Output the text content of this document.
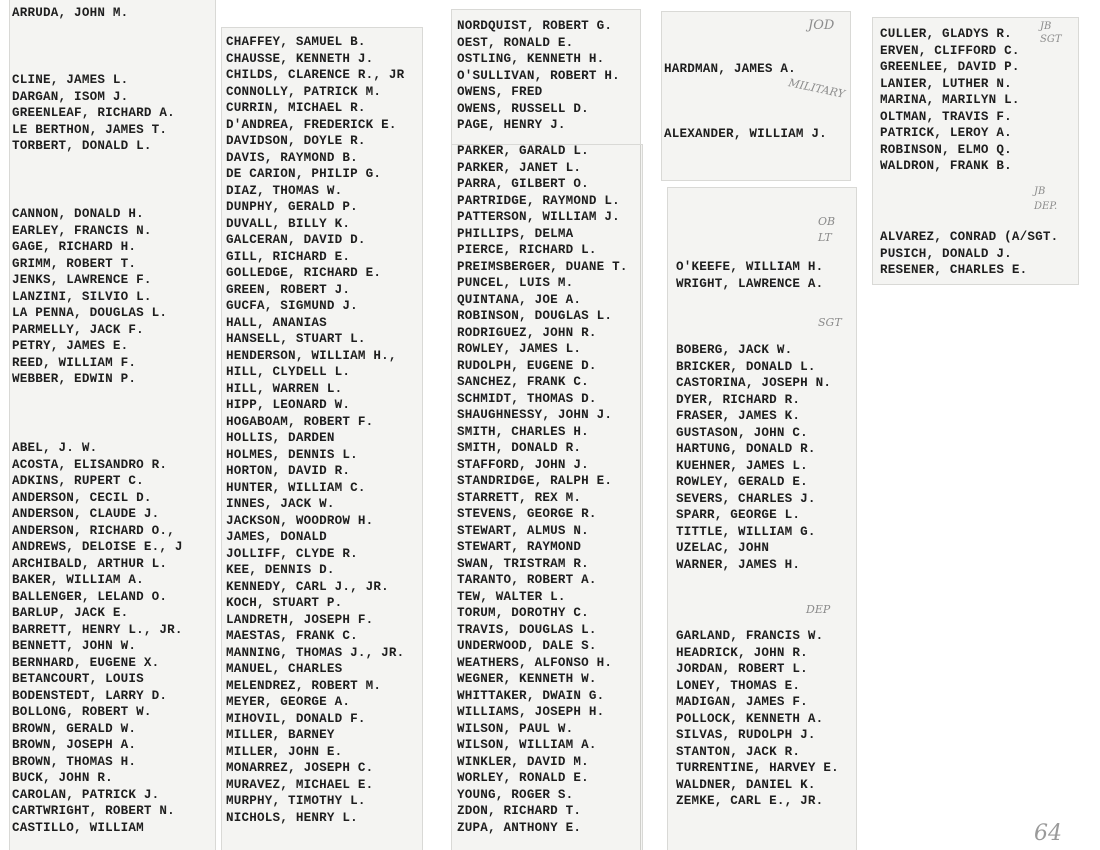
ARRUDA, JOHN M.
CLINE, JAMES L.
DARGAN, ISOM J.
GREENLEAF, RICHARD A.
LE BERTHON, JAMES T.
TORBERT, DONALD L.
CANNON, DONALD H.
EARLEY, FRANCIS N.
GAGE, RICHARD H.
GRIMM, ROBERT T.
JENKS, LAWRENCE F.
LANZINI, SILVIO L.
LA PENNA, DOUGLAS L.
PARMELLY, JACK F.
PETRY, JAMES E.
REED, WILLIAM F.
WEBBER, EDWIN P.
ABEL, J. W.
ACOSTA, ELISANDRO R.
ADKINS, RUPERT C.
ANDERSON, CECIL D.
ANDERSON, CLAUDE J.
ANDERSON, RICHARD O.,
ANDREWS, DELOISE E., J
ARCHIBALD, ARTHUR L.
BAKER, WILLIAM A.
BALLENGER, LELAND O.
BARLUP, JACK E.
BARRETT, HENRY L., JR.
BENNETT, JOHN W.
BERNHARD, EUGENE X.
BETANCOURT, LOUIS
BODENSTEDT, LARRY D.
BOLLONG, ROBERT W.
BROWN, GERALD W.
BROWN, JOSEPH A.
BROWN, THOMAS H.
BUCK, JOHN R.
CAROLAN, PATRICK J.
CARTWRIGHT, ROBERT N.
CASTILLO, WILLIAM
CHAFFEY, SAMUEL B.
CHAUSSE, KENNETH J.
CHILDS, CLARENCE R., JR
CONNOLLY, PATRICK M.
CURRIN, MICHAEL R.
D'ANDREA, FREDERICK E.
DAVIDSON, DOYLE R.
DAVIS, RAYMOND B.
DE CARION, PHILIP G.
DIAZ, THOMAS W.
DUNPHY, GERALD P.
DUVALL, BILLY K.
GALCERAN, DAVID D.
GILL, RICHARD E.
GOLLEDGE, RICHARD E.
GREEN, ROBERT J.
GUCFA, SIGMUND J.
HALL, ANANIAS
HANSELL, STUART L.
HENDERSON, WILLIAM H.,
HILL, CLYDELL L.
HILL, WARREN L.
HIPP, LEONARD W.
HOGABOAM, ROBERT F.
HOLLIS, DARDEN
HOLMES, DENNIS L.
HORTON, DAVID R.
HUNTER, WILLIAM C.
INNES, JACK W.
JACKSON, WOODROW H.
JAMES, DONALD
JOLLIFF, CLYDE R.
KEE, DENNIS D.
KENNEDY, CARL J., JR.
KOCH, STUART P.
LANDRETH, JOSEPH F.
MAESTAS, FRANK C.
MANNING, THOMAS J., JR.
MANUEL, CHARLES
MELENDREZ, ROBERT M.
MEYER, GEORGE A.
MIHOVIL, DONALD F.
MILLER, BARNEY
MILLER, JOHN E.
MONARREZ, JOSEPH C.
MURAVEZ, MICHAEL E.
MURPHY, TIMOTHY L.
NICHOLS, HENRY L.
NORDQUIST, ROBERT G.
OEST, RONALD E.
OSTLING, KENNETH H.
O'SULLIVAN, ROBERT H.
OWENS, FRED
OWENS, RUSSELL D.
PAGE, HENRY J.
PARKER, GARALD L.
PARKER, JANET L.
PARRA, GILBERT O.
PARTRIDGE, RAYMOND L.
PATTERSON, WILLIAM J.
PHILLIPS, DELMA
PIERCE, RICHARD L.
PREIMSBERGER, DUANE T.
PUNCEL, LUIS M.
QUINTANA, JOE A.
ROBINSON, DOUGLAS L.
RODRIGUEZ, JOHN R.
ROWLEY, JAMES L.
RUDOLPH, EUGENE D.
SANCHEZ, FRANK C.
SCHMIDT, THOMAS D.
SHAUGHNESSY, JOHN J.
SMITH, CHARLES H.
SMITH, DONALD R.
STAFFORD, JOHN J.
STANDRIDGE, RALPH E.
STARRETT, REX M.
STEVENS, GEORGE R.
STEWART, ALMUS N.
STEWART, RAYMOND
SWAN, TRISTRAM R.
TARANTO, ROBERT A.
TEW, WALTER L.
TORUM, DOROTHY C.
TRAVIS, DOUGLAS L.
UNDERWOOD, DALE S.
WEATHERS, ALFONSO H.
WEGNER, KENNETH W.
WHITTAKER, DWAIN G.
WILLIAMS, JOSEPH H.
WILSON, PAUL W.
WILSON, WILLIAM A.
WINKLER, DAVID M.
WORLEY, RONALD E.
YOUNG, ROGER S.
ZDON, RICHARD T.
ZUPA, ANTHONY E.
HARDMAN, JAMES A.
ALEXANDER, WILLIAM J.
O'KEEFE, WILLIAM H.
WRIGHT, LAWRENCE A.
BOBERG, JACK W.
BRICKER, DONALD L.
CASTORINA, JOSEPH N.
DYER, RICHARD R.
FRASER, JAMES K.
GUSTASON, JOHN C.
HARTUNG, DONALD R.
KUEHNER, JAMES L.
ROWLEY, GERALD E.
SEVERS, CHARLES J.
SPARR, GEORGE L.
TITTLE, WILLIAM G.
UZELAC, JOHN
WARNER, JAMES H.
GARLAND, FRANCIS W.
HEADRICK, JOHN R.
JORDAN, ROBERT L.
LONEY, THOMAS E.
MADIGAN, JAMES F.
POLLOCK, KENNETH A.
SILVAS, RUDOLPH J.
STANTON, JACK R.
TURRENTINE, HARVEY E.
WALDNER, DANIEL K.
ZEMKE, CARL E., JR.
CULLER, GLADYS R.
ERVEN, CLIFFORD C.
GREENLEE, DAVID P.
LANIER, LUTHER N.
MARINA, MARILYN L.
OLTMAN, TRAVIS F.
PATRICK, LEROY A.
ROBINSON, ELMO Q.
WALDRON, FRANK B.
ALVAREZ, CONRAD (A/SGT.
PUSICH, DONALD J.
RESENER, CHARLES E.
JOD
MILITARY
OB LT
SGT
DEP
JB SGT
JB DEP.
64
